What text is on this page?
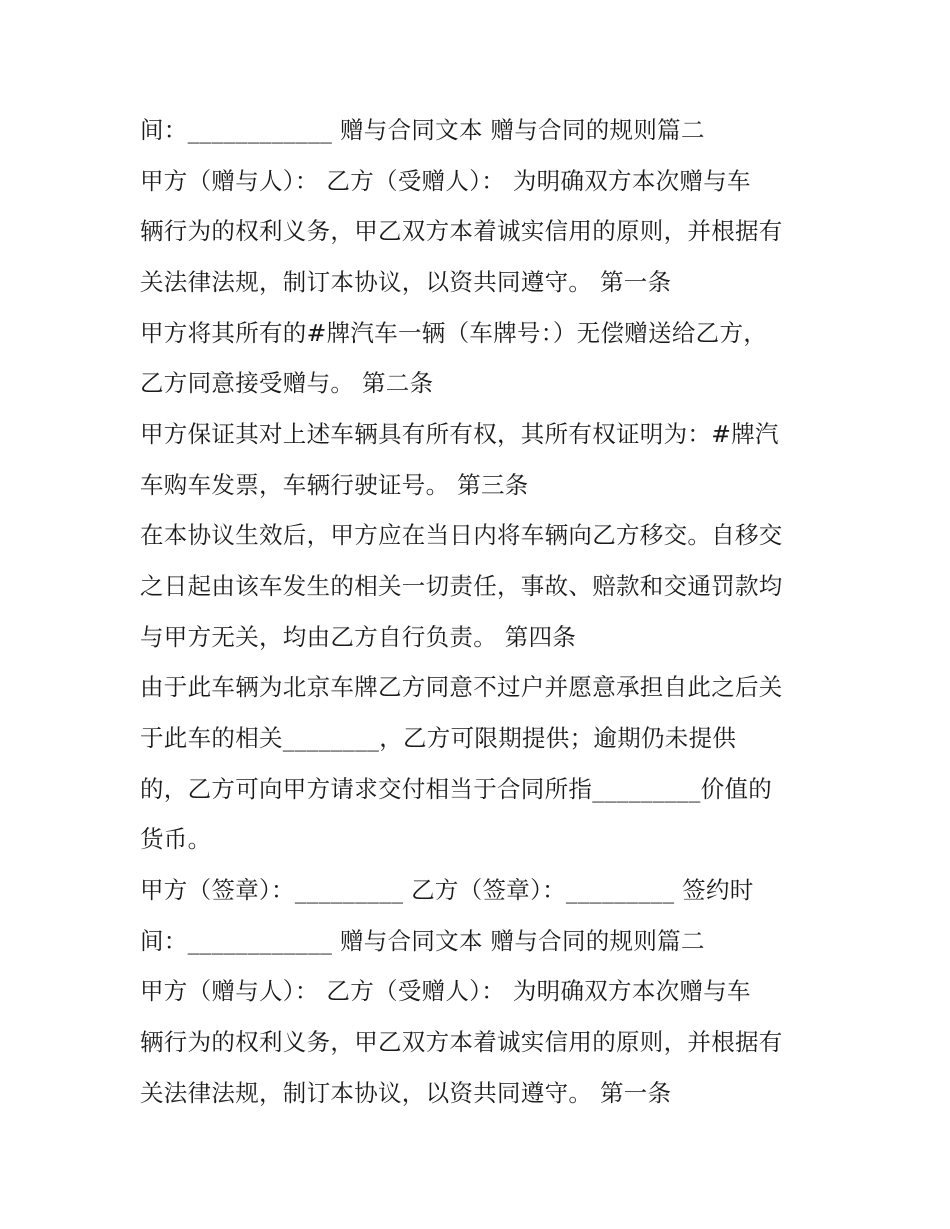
间：____________ 赠与合同文本 赠与合同的规则篇二

甲方（赠与人）： 乙方（受赠人）： 为明确双方本次赠与车

辆行为的权利义务，甲乙双方本着诚实信用的原则，并根据有

关法律法规，制订本协议，以资共同遵守。 第一条

甲方将其所有的#牌汽车一辆（车牌号：）无偿赠送给乙方，

乙方同意接受赠与。 第二条

甲方保证其对上述车辆具有所有权，其所有权证明为：#牌汽

车购车发票，车辆行驶证号。 第三条

在本协议生效后，甲方应在当日内将车辆向乙方移交。自移交

之日起由该车发生的相关一切责任，事故、赔款和交通罚款均

与甲方无关，均由乙方自行负责。 第四条

由于此车辆为北京车牌乙方同意不过户并愿意承担自此之后关

于此车的相关________，乙方可限期提供；逾期仍未提供

的，乙方可向甲方请求交付相当于合同所指_________价值的

货币。

甲方（签章）：_________ 乙方（签章）：_________ 签约时

间：____________ 赠与合同文本 赠与合同的规则篇二

甲方（赠与人）： 乙方（受赠人）： 为明确双方本次赠与车

辆行为的权利义务，甲乙双方本着诚实信用的原则，并根据有

关法律法规，制订本协议，以资共同遵守。 第一条
